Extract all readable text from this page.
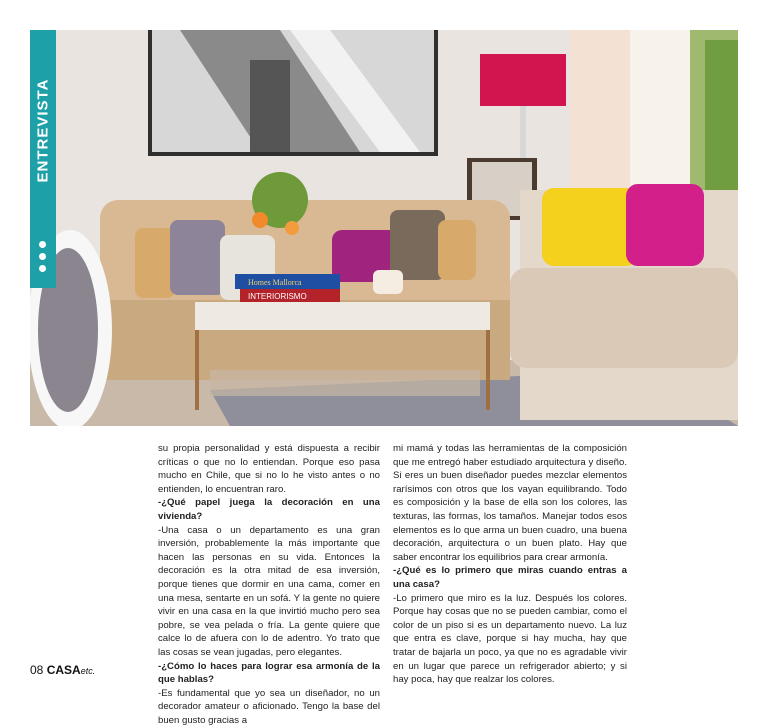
Homes Mallorca
INTERIORISMO
ENTREVISTA

su propia personalidad y está dispuesta a recibir críticas o que no lo entiendan. Porque eso pasa mucho en Chile, que si no lo he visto antes o no entienden, lo encuentran raro.

-¿Qué papel juega la decoración en una vivienda?

-Una casa o un departamento es una gran inversión, probablemente la más importante que hacen las personas en su vida. Entonces la decoración es la otra mitad de esa inversión, porque tienes que dormir en una cama, comer en una mesa, sentarte en un sofá. Y la gente no quiere vivir en una casa en la que invirtió mucho pero sea pobre, se vea pelada o fría. La gente quiere que calce lo de afuera con lo de adentro. Yo trato que las cosas se vean jugadas, pero elegantes.

-¿Cómo lo haces para lograr esa armonía de la que hablas?

-Es fundamental que yo sea un diseñador, no un decorador amateur o aficionado. Tengo la base del buen gusto gracias a

mi mamá y todas las herramientas de la composición que me entregó haber estudiado arquitectura y diseño. Si eres un buen diseñador puedes mezclar elementos rarísimos con otros que los vayan equilibrando. Todo es composición y la base de ella son los colores, las texturas, las formas, los tamaños. Manejar todos esos elementos es lo que arma un buen cuadro, una buena decoración, arquitectura o un buen plato. Hay que saber encontrar los equilibrios para crear armonía.

-¿Qué es lo primero que miras cuando entras a una casa?

-Lo primero que miro es la luz. Después los colores. Porque hay cosas que no se pueden cambiar, como el color de un piso si es un departamento nuevo. La luz que entra es clave, porque si hay mucha, hay que tratar de bajarla un poco, ya que no es agradable vivir en un lugar que parece un refrigerador abierto; y si hay poca, hay que realzar los colores.

08 CASAetc.
